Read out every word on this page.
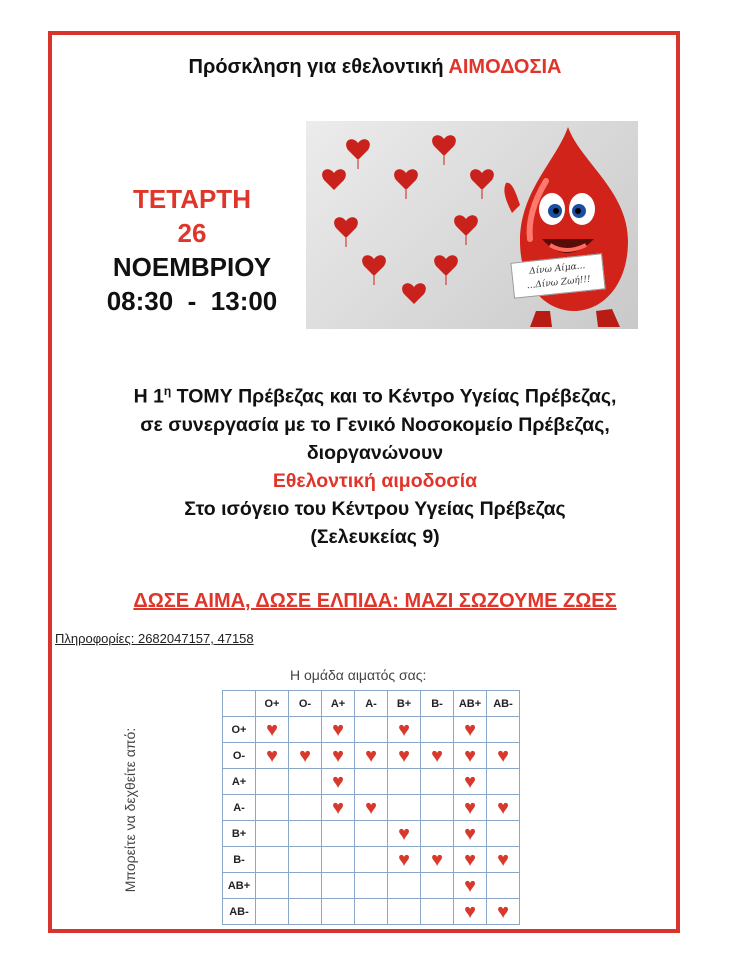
Πρόσκληση για εθελοντική ΑΙΜΟΔΟΣΙΑ
ΤΕΤΑΡΤΗ
26
ΝΟΕΜΒΡΙΟΥ
08:30  -  13:00
Δίνω Αίμα...
...Δίνω Ζωή!!!
Η $1^\eta$ ΤΟΜΥ Πρέβεζας και το Κέντρο Υγείας Πρέβεζας,
σε συνεργασία με το Γενικό Νοσοκομείο Πρέβεζας,
διοργανώνουν
Εθελοντική αιμοδοσία
Στο ισόγειο του Κέντρου Υγείας Πρέβεζας
(Σελευκείας 9)
ΔΩΣΕ ΑΙΜΑ, ΔΩΣΕ ΕΛΠΙΔΑ: ΜΑΖΙ ΣΩΖΟΥΜΕ ΖΩΕΣ
Πληροφορίες: 2682047157, 47158
Η ομάδα αιματός σας:
Μπορείτε να δεχθείτε από:
	O+	O-	A+	A-	B+	B-	AB+	AB-
O+	♥		♥		♥		♥	
O-	♥	♥	♥	♥	♥	♥	♥	♥
A+			♥				♥	
A-			♥	♥			♥	♥
B+					♥		♥	
B-					♥	♥	♥	♥
AB+							♥	
AB-							♥	♥
